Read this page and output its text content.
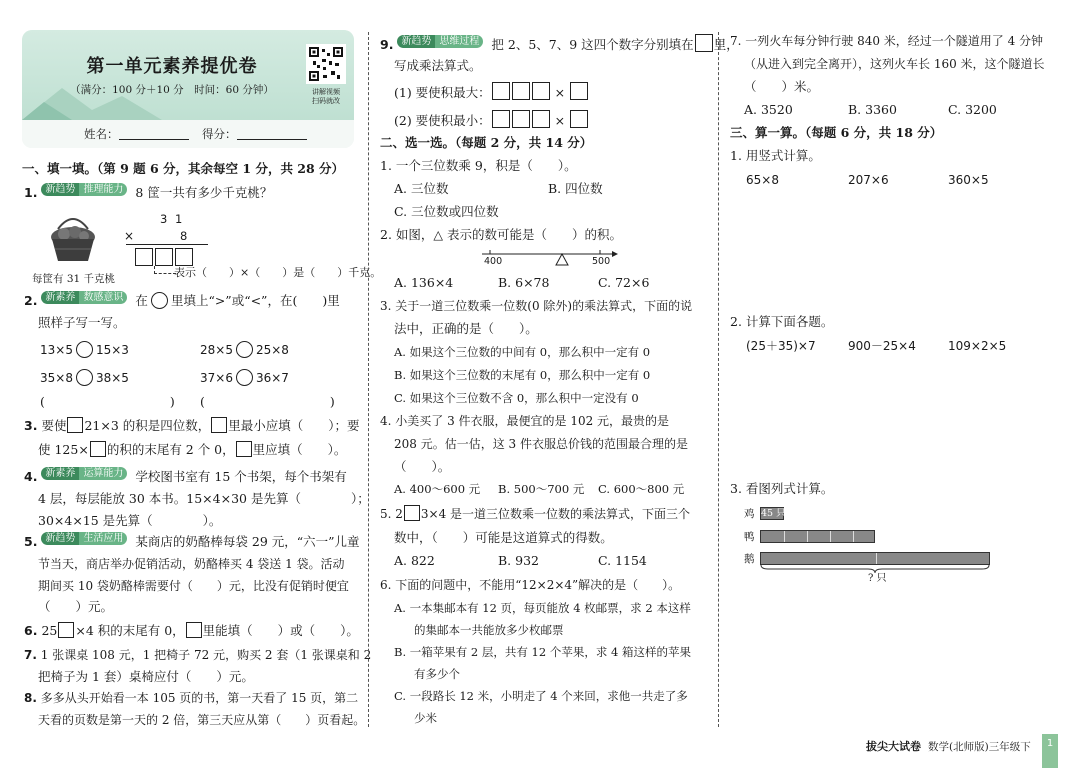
第一单元素养提优卷
（满分：100 分＋10 分　时间：60 分钟）	讲解视频
扫码就改
姓名：	得分：
一、填一填。（第 9 题 6 分，其余每空 1 分，共 28 分）
1. 新趋势 推理能力 8 筐一共有多少千克桃？
每筐有 31 千克桃
3 1
×	8
表示（　　）×（　　）是（　　）千克。
2. 新素养 数感意识 在 里填上“>”或“<”，在(　　)里
照样子写一写。
13×5 15×3	28×5 25×8
35×8 38×5	37×6 36×7
(　　　　　　　　　　) (　　　　　　　　　　)
3. 要使 21×3 的积是四位数， 里最小应填（　　）；要
使 125× 的积的末尾有 2 个 0， 里应填（　　）。
4. 新素养 运算能力 学校图书室有 15 个书架，每个书架有
4 层，每层能放 30 本书。15×4×30 是先算（　　　　）；
30×4×15 是先算（　　　　）。
5. 新趋势 生活应用 某商店的奶酪棒每袋 29 元，“六一”儿童
节当天，商店举办促销活动，奶酪棒买 4 袋送 1 袋。活动
期间买 10 袋奶酪棒需要付（　　）元，比没有促销时便宜
（　　）元。
6. 25 ×4 积的末尾有 0， 里能填（　　）或（　　）。
7. 1 张课桌 108 元，1 把椅子 72 元，购买 2 套（1 张课桌和 2
把椅子为 1 套）桌椅应付（　　）元。
8. 多多从头开始看一本 105 页的书，第一天看了 15 页，第二
天看的页数是第一天的 2 倍，第三天应从第（　　）页看起。
9. 新趋势 思维过程 把 2、5、7、9 这四个数字分别填在 里，
写成乘法算式。
(1) 要使积最大：	×
(2) 要使积最小：	×
二、选一选。（每题 2 分，共 14 分）
1. 一个三位数乘 9，积是（　　）。
A. 三位数	B. 四位数
C. 三位数或四位数
2. 如图，△ 表示的数可能是（　　）的积。
400	500
A. 136×4	B. 6×78	C. 72×6
3. 关于一道三位数乘一位数(0 除外)的乘法算式，下面的说
法中，正确的是（　　）。
A. 如果这个三位数的中间有 0，那么积中一定有 0
B. 如果这个三位数的末尾有 0，那么积中一定有 0
C. 如果这个三位数不含 0，那么积中一定没有 0
4. 小美买了 3 件衣服，最便宜的是 102 元，最贵的是
208 元。估一估，这 3 件衣服总价钱的范围最合理的是
（　　）。
A. 400～600 元 B. 500～700 元 C. 600～800 元
5. 2 3×4 是一道三位数乘一位数的乘法算式，下面三个
数中，（　　）可能是这道算式的得数。
A. 822	B. 932	C. 1154
6. 下面的问题中，不能用“12×2×4”解决的是（　　）。
A. 一本集邮本有 12 页，每页能放 4 枚邮票，求 2 本这样
的集邮本一共能放多少枚邮票
B. 一箱苹果有 2 层，共有 12 个苹果，求 4 箱这样的苹果
有多少个
C. 一段路长 12 米，小明走了 4 个来回，求他一共走了多
少米
7. 一列火车每分钟行驶 840 米，经过一个隧道用了 4 分钟
（从进入到完全离开），这列火车长 160 米，这个隧道长
（　　）米。
A. 3520	B. 3360	C. 3200
三、算一算。（每题 6 分，共 18 分）
1. 用竖式计算。
65×8	207×6	360×5
2. 计算下面各题。
(25＋35)×7	900－25×4	109×2×5
3. 看图列式计算。
鸡 45 只
鸭
鹅
? 只
拔尖大试卷 数学(北师版)三年级下	1
